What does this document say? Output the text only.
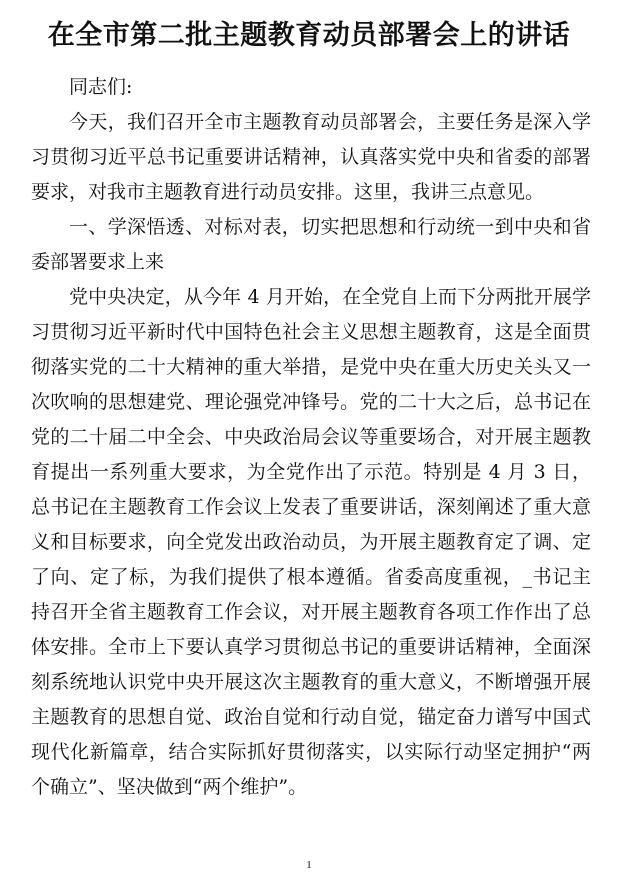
在全市第二批主题教育动员部署会上的讲话

同志们:

今天，我们召开全市主题教育动员部署会，主要任务是深入学习贯彻习近平总书记重要讲话精神，认真落实党中央和省委的部署要求，对我市主题教育进行动员安排。这里，我讲三点意见。

一、学深悟透、对标对表，切实把思想和行动统一到中央和省委部署要求上来

党中央决定，从今年 4 月开始，在全党自上而下分两批开展学习贯彻习近平新时代中国特色社会主义思想主题教育，这是全面贯彻落实党的二十大精神的重大举措，是党中央在重大历史关头又一次吹响的思想建党、理论强党冲锋号。党的二十大之后，总书记在党的二十届二中全会、中央政治局会议等重要场合，对开展主题教育提出一系列重大要求，为全党作出了示范。特别是 4 月 3 日，总书记在主题教育工作会议上发表了重要讲话，深刻阐述了重大意义和目标要求，向全党发出政治动员，为开展主题教育定了调、定了向、定了标，为我们提供了根本遵循。省委高度重视，_书记主持召开全省主题教育工作会议，对开展主题教育各项工作作出了总体安排。全市上下要认真学习贯彻总书记的重要讲话精神，全面深刻系统地认识党中央开展这次主题教育的重大意义，不断增强开展主题教育的思想自觉、政治自觉和行动自觉，锚定奋力谱写中国式现代化新篇章，结合实际抓好贯彻落实，以实际行动坚定拥护“两个确立”、坚决做到“两个维护”。

1
